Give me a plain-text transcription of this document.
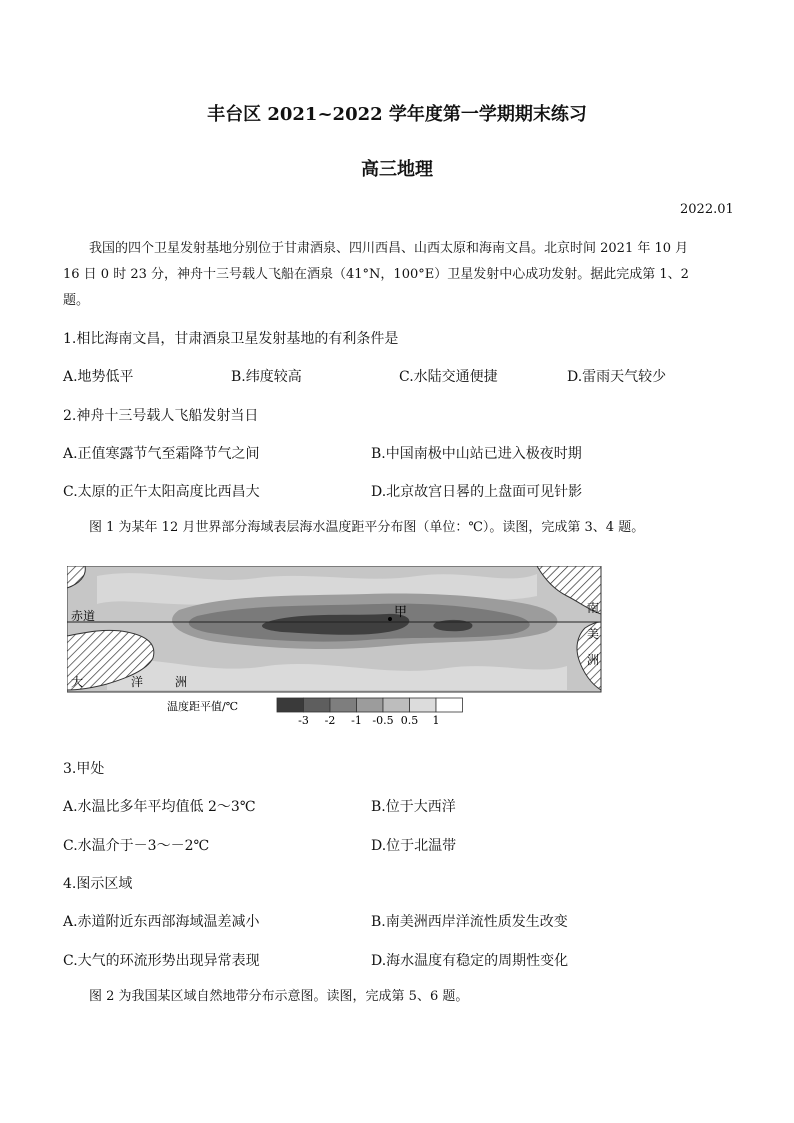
丰台区 2021~2022 学年度第一学期期末练习
高三地理
2022.01
我国的四个卫星发射基地分别位于甘肃酒泉、四川西昌、山西太原和海南文昌。北京时间 2021 年 10 月
16 日 0 时 23 分，神舟十三号载人飞船在酒泉（41°N，100°E）卫星发射中心成功发射。据此完成第 1、2
题。
1.相比海南文昌，甘肃酒泉卫星发射基地的有利条件是
A.地势低平	B.纬度较高	C.水陆交通便捷	D.雷雨天气较少
2.神舟十三号载人飞船发射当日
A.正值寒露节气至霜降节气之间	B.中国南极中山站已进入极夜时期
C.太原的正午太阳高度比西昌大	D.北京故宫日晷的上盘面可见针影
图 1 为某年 12 月世界部分海域表层海水温度距平分布图（单位：℃）。读图，完成第 3、4 题。
甲
赤道
大	洋	洲
南
美
洲
温度距平值/℃
-3 -2 -1 -0.5 0.5 1
3.甲处
A.水温比多年平均值低 2～3℃	B.位于大西洋
C.水温介于－3～－2℃	D.位于北温带
4.图示区域
A.赤道附近东西部海域温差减小	B.南美洲西岸洋流性质发生改变
C.大气的环流形势出现异常表现	D.海水温度有稳定的周期性变化
图 2 为我国某区域自然地带分布示意图。读图，完成第 5、6 题。
